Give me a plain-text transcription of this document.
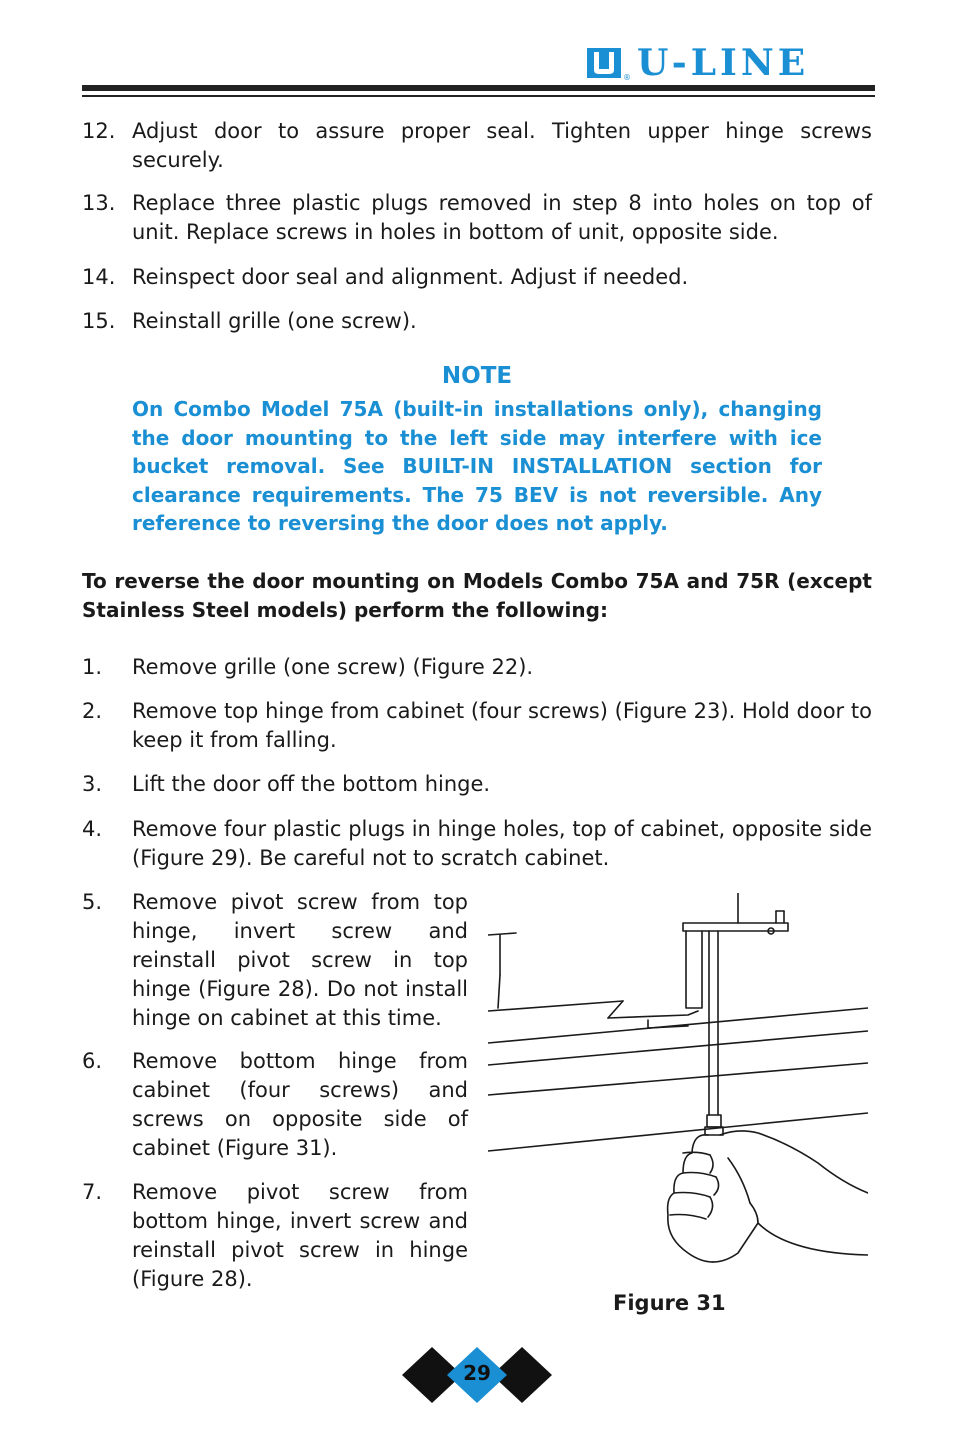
® U-LINE
12. Adjust door to assure proper seal. Tighten upper hinge screws securely.
13. Replace three plastic plugs removed in step 8 into holes on top of unit. Replace screws in holes in bottom of unit, opposite side.
14. Reinspect door seal and alignment. Adjust if needed.
15. Reinstall grille (one screw).
NOTE
On Combo Model 75A (built-in installations only), changing the door mounting to the left side may interfere with ice bucket removal. See BUILT-IN INSTALLATION section for clearance requirements. The 75 BEV is not reversible. Any reference to reversing the door does not apply.
To reverse the door mounting on Models Combo 75A and 75R (except Stainless Steel models) perform the following:
1. Remove grille (one screw) (Figure 22).
2. Remove top hinge from cabinet (four screws) (Figure 23). Hold door to keep it from falling.
3. Lift the door off the bottom hinge.
4. Remove four plastic plugs in hinge holes, top of cabinet, opposite side (Figure 29). Be careful not to scratch cabinet.
5. Remove pivot screw from top hinge, invert screw and reinstall pivot screw in top hinge (Figure 28). Do not install hinge on cabinet at this time.
6. Remove bottom hinge from cabinet (four screws) and screws on opposite side of cabinet (Figure 31).
7. Remove pivot screw from bottom hinge, invert screw and reinstall pivot screw in hinge (Figure 28).
Figure 31
29
